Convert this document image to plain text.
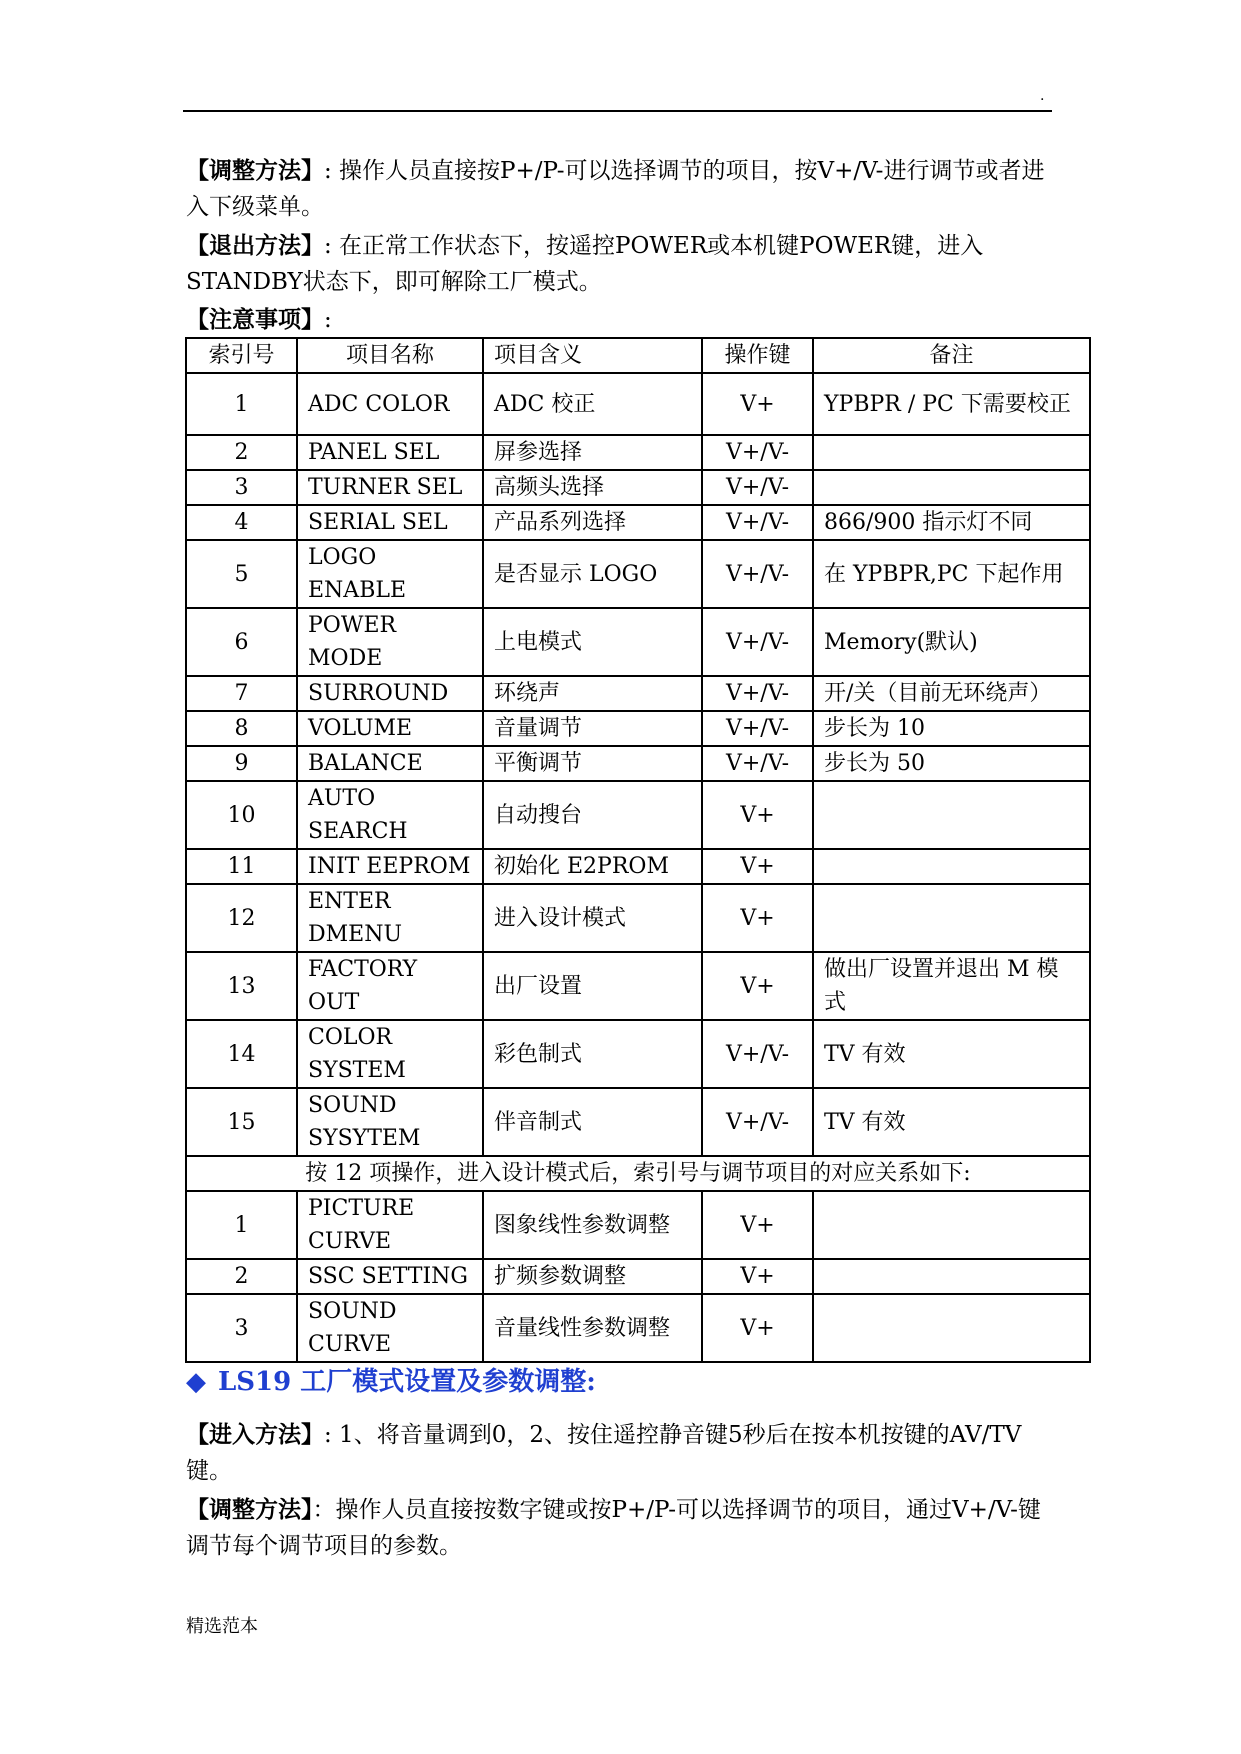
.
【调整方法】: 操作人员直接按P+/P-可以选择调节的项目，按V+/V-进行调节或者进入下级菜单。
【退出方法】: 在正常工作状态下，按遥控POWER或本机键POWER键，进入STANDBY状态下，即可解除工厂模式。
【注意事项】:
索引号	项目名称	项目含义	操作键	备注
1	ADC COLOR	ADC 校正	V+	YPBPR / PC 下需要校正
2	PANEL SEL	屏参选择	V+/V-	
3	TURNER SEL	高频头选择	V+/V-	
4	SERIAL SEL	产品系列选择	V+/V-	866/900 指示灯不同
5	LOGO ENABLE	是否显示 LOGO	V+/V-	在 YPBPR,PC 下起作用
6	POWER MODE	上电模式	V+/V-	Memory(默认)
7	SURROUND	环绕声	V+/V-	开/关（目前无环绕声）
8	VOLUME	音量调节	V+/V-	步长为 10
9	BALANCE	平衡调节	V+/V-	步长为 50
10	AUTO SEARCH	自动搜台	V+	
11	INIT EEPROM	初始化 E2PROM	V+	
12	ENTER DMENU	进入设计模式	V+	
13	FACTORY OUT	出厂设置	V+	做出厂设置并退出 M 模式
14	COLOR SYSTEM	彩色制式	V+/V-	TV 有效
15	SOUND SYSYTEM	伴音制式	V+/V-	TV 有效
按 12 项操作，进入设计模式后，索引号与调节项目的对应关系如下:				
1	PICTURE CURVE	图象线性参数调整	V+	
2	SSC SETTING	扩频参数调整	V+	
3	SOUND CURVE	音量线性参数调整	V+	
◆ LS19 工厂模式设置及参数调整:
【进入方法】: 1、将音量调到0，2、按住遥控静音键5秒后在按本机按键的AV/TV键。
【调整方法】：操作人员直接按数字键或按P+/P-可以选择调节的项目，通过V+/V-键调节每个调节项目的参数。
精选范本
